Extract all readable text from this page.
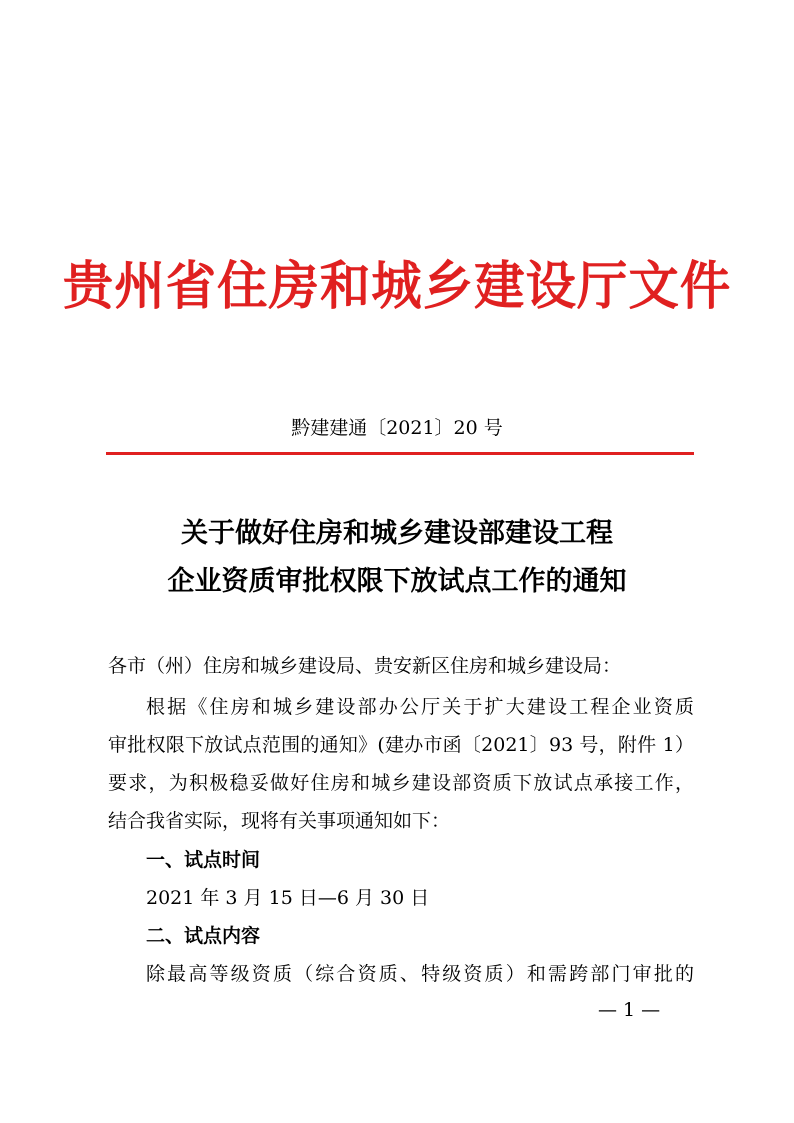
贵州省住房和城乡建设厅文件
黔建建通〔2021〕20 号
关于做好住房和城乡建设部建设工程
企业资质审批权限下放试点工作的通知
各市（州）住房和城乡建设局、贵安新区住房和城乡建设局：
根据《住房和城乡建设部办公厅关于扩大建设工程企业资质
审批权限下放试点范围的通知》(建办市函〔2021〕93 号，附件 1）
要求，为积极稳妥做好住房和城乡建设部资质下放试点承接工作，
结合我省实际，现将有关事项通知如下：
一、试点时间
2021 年 3 月 15 日—6 月 30 日
二、试点内容
除最高等级资质（综合资质、特级资质）和需跨部门审批的
— 1 —
